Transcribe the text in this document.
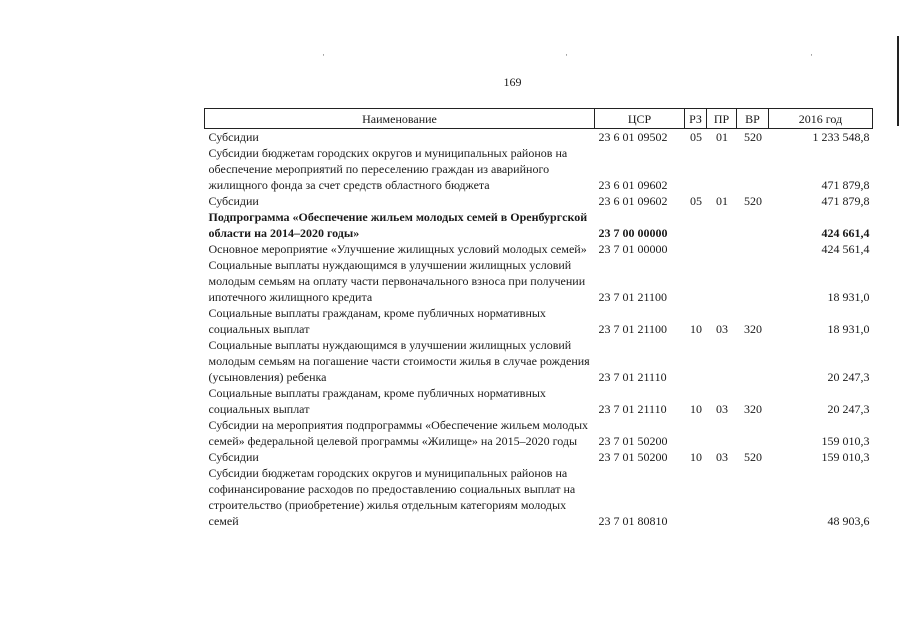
·	·	·
169
Наименование	ЦСР	РЗ	ПР	ВР	2016 год
Субсидии	23 6 01 09502	05	01	520	1 233 548,8
Субсидии бюджетам городских округов и муниципальных районов на обеспечение мероприятий по переселению граждан из аварийного жилищного фонда за счет средств областного бюджета	23 6 01 09602				471 879,8
Субсидии	23 6 01 09602	05	01	520	471 879,8
Подпрограмма «Обеспечение жильем молодых семей в Оренбургской области на 2014–2020 годы»	23 7 00 00000				424 661,4
Основное мероприятие «Улучшение жилищных условий молодых семей»	23 7 01 00000				424 561,4
Социальные выплаты нуждающимся в улучшении жилищных условий молодым семьям на оплату части первоначального взноса при получении ипотечного жилищного кредита	23 7 01 21100				18 931,0
Социальные выплаты гражданам, кроме публичных нормативных социальных выплат	23 7 01 21100	10	03	320	18 931,0
Социальные выплаты нуждающимся в улучшении жилищных условий молодым семьям на погашение части стоимости жилья в случае рождения (усыновления) ребенка	23 7 01 21110				20 247,3
Социальные выплаты гражданам, кроме публичных нормативных социальных выплат	23 7 01 21110	10	03	320	20 247,3
Субсидии на мероприятия подпрограммы «Обеспечение жильем молодых семей» федеральной целевой программы «Жилище» на 2015–2020 годы	23 7 01 50200				159 010,3
Субсидии	23 7 01 50200	10	03	520	159 010,3
Субсидии бюджетам городских округов и муниципальных районов на софинансирование расходов по предоставлению социальных выплат на строительство (приобретение) жилья отдельным категориям молодых семей	23 7 01 80810				48 903,6
